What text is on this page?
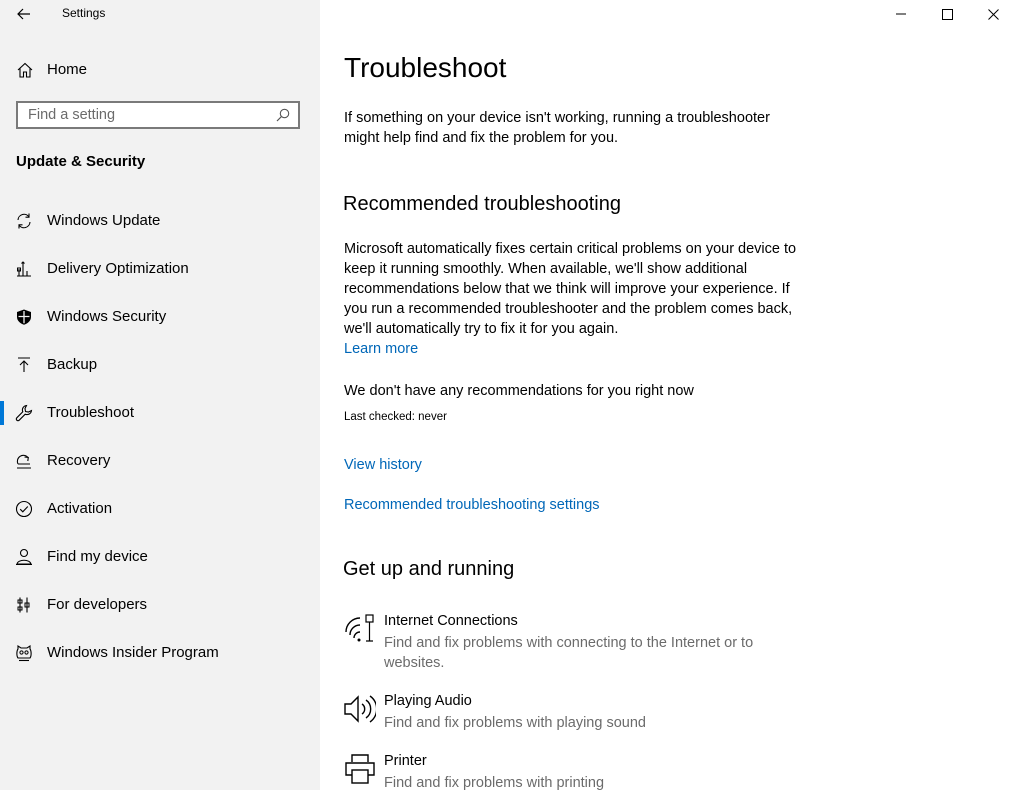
Settings
Home
Find a setting
Update & Security
Windows Update
Delivery Optimization
Windows Security
Backup
Troubleshoot
Recovery
Activation
Find my device
For developers
Windows Insider Program
Troubleshoot

If something on your device isn't working, running a troubleshooter might help find and fix the problem for you.

Recommended troubleshooting

Microsoft automatically fixes certain critical problems on your device to keep it running smoothly. When available, we'll show additional recommendations below that we think will improve your experience. If you run a recommended troubleshooter and the problem comes back, we'll automatically try to fix it for you again.
Learn more

We don't have any recommendations for you right now
Last checked: never
View history
Recommended troubleshooting settings
Get up and running
Internet Connections
Find and fix problems with connecting to the Internet or to websites.
Playing Audio
Find and fix problems with playing sound
Printer
Find and fix problems with printing
